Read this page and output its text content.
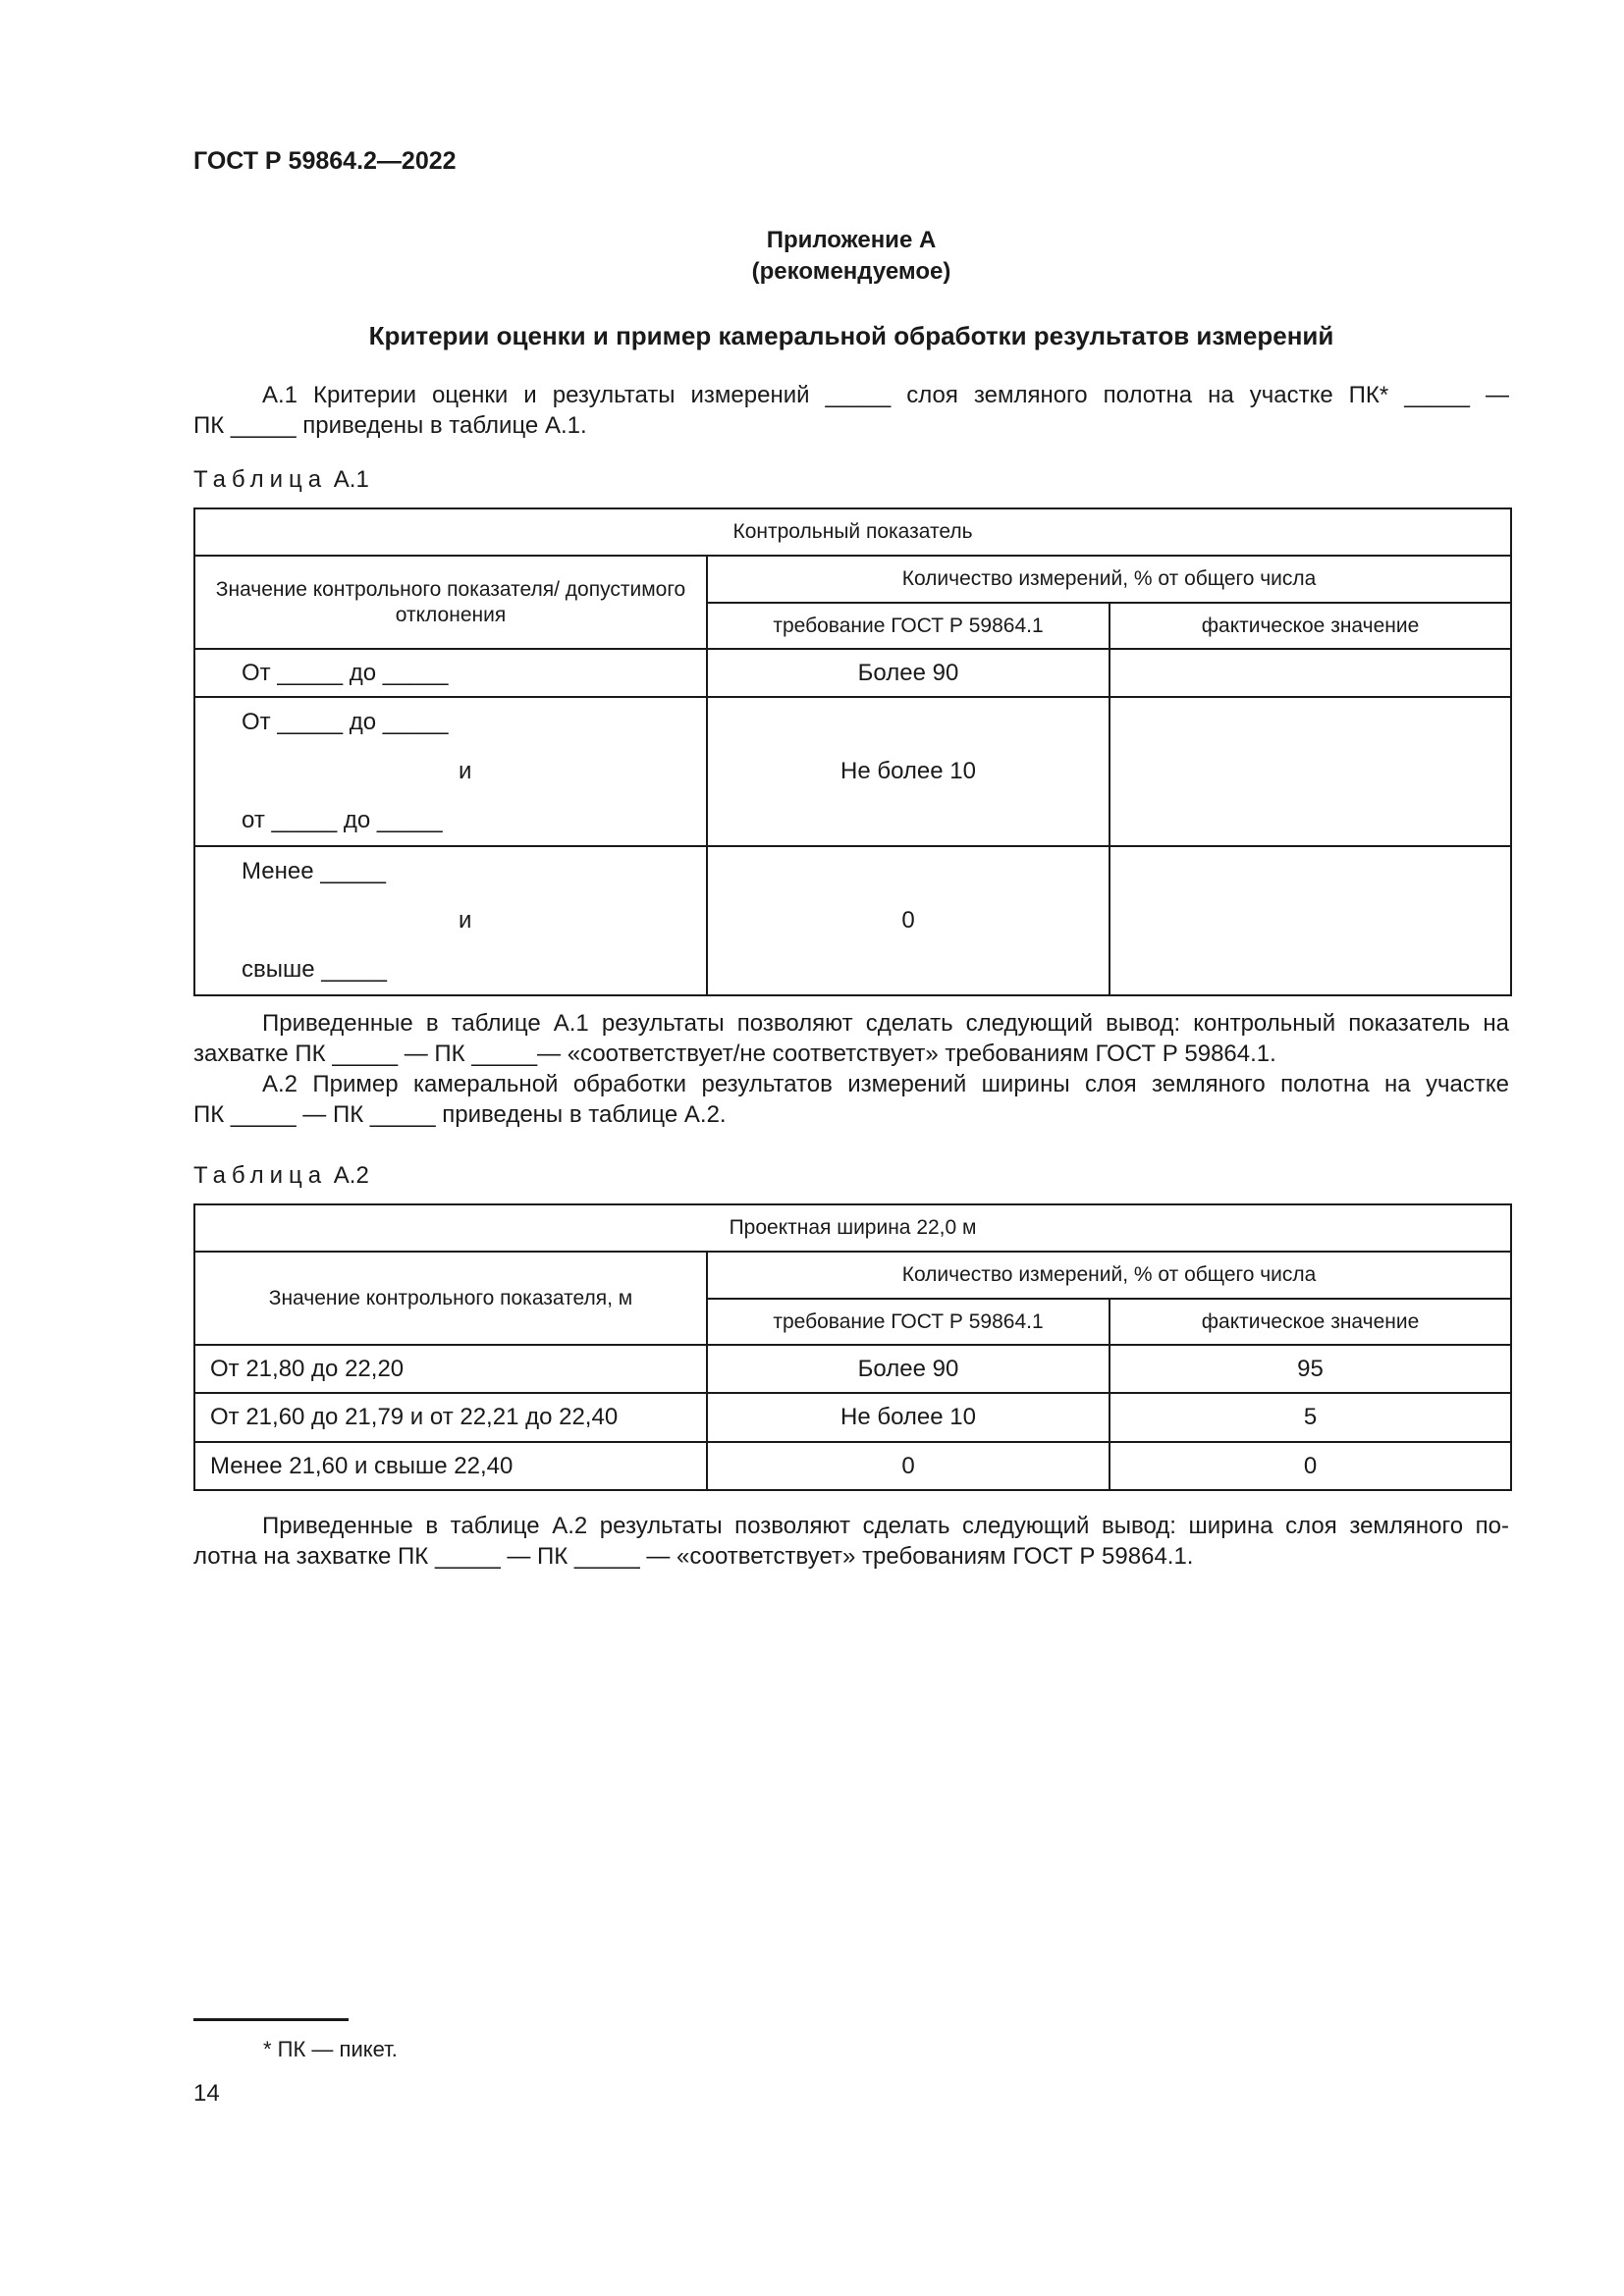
ГОСТ Р 59864.2—2022
Приложение А
(рекомендуемое)
Критерии оценки и пример камеральной обработки результатов измерений
А.1 Критерии оценки и результаты измерений _____ слоя земляного полотна на участке ПК* _____ —
ПК _____ приведены в таблице А.1.
Таблица А.1
Контрольный показатель		
Значение контрольного показателя/ допустимого отклонения	Количество измерений, % от общего числа	
	требование ГОСТ Р 59864.1	фактическое значение
От _____ до _____	Более 90	

От _____ до _____
и
от _____ до _____	Не более 10	

Менее _____
и
свыше _____	0	
Приведенные в таблице А.1 результаты позволяют сделать следующий вывод: контрольный показатель на
захватке ПК _____ — ПК _____— «соответствует/не соответствует» требованиям ГОСТ Р 59864.1.
А.2 Пример камеральной обработки результатов измерений ширины слоя земляного полотна на участке
ПК _____ — ПК _____ приведены в таблице А.2.
Таблица А.2
Проектная ширина 22,0 м		
Значение контрольного показателя, м	Количество измерений, % от общего числа	
	требование ГОСТ Р 59864.1	фактическое значение
От 21,80 до 22,20	Более 90	95
От 21,60 до 21,79 и от 22,21 до 22,40	Не более 10	5
Менее 21,60 и свыше 22,40	0	0
Приведенные в таблице А.2 результаты позволяют сделать следующий вывод: ширина слоя земляного по-
лотна на захватке ПК _____ — ПК _____ — «соответствует» требованиям ГОСТ Р 59864.1.
* ПК — пикет.
14
